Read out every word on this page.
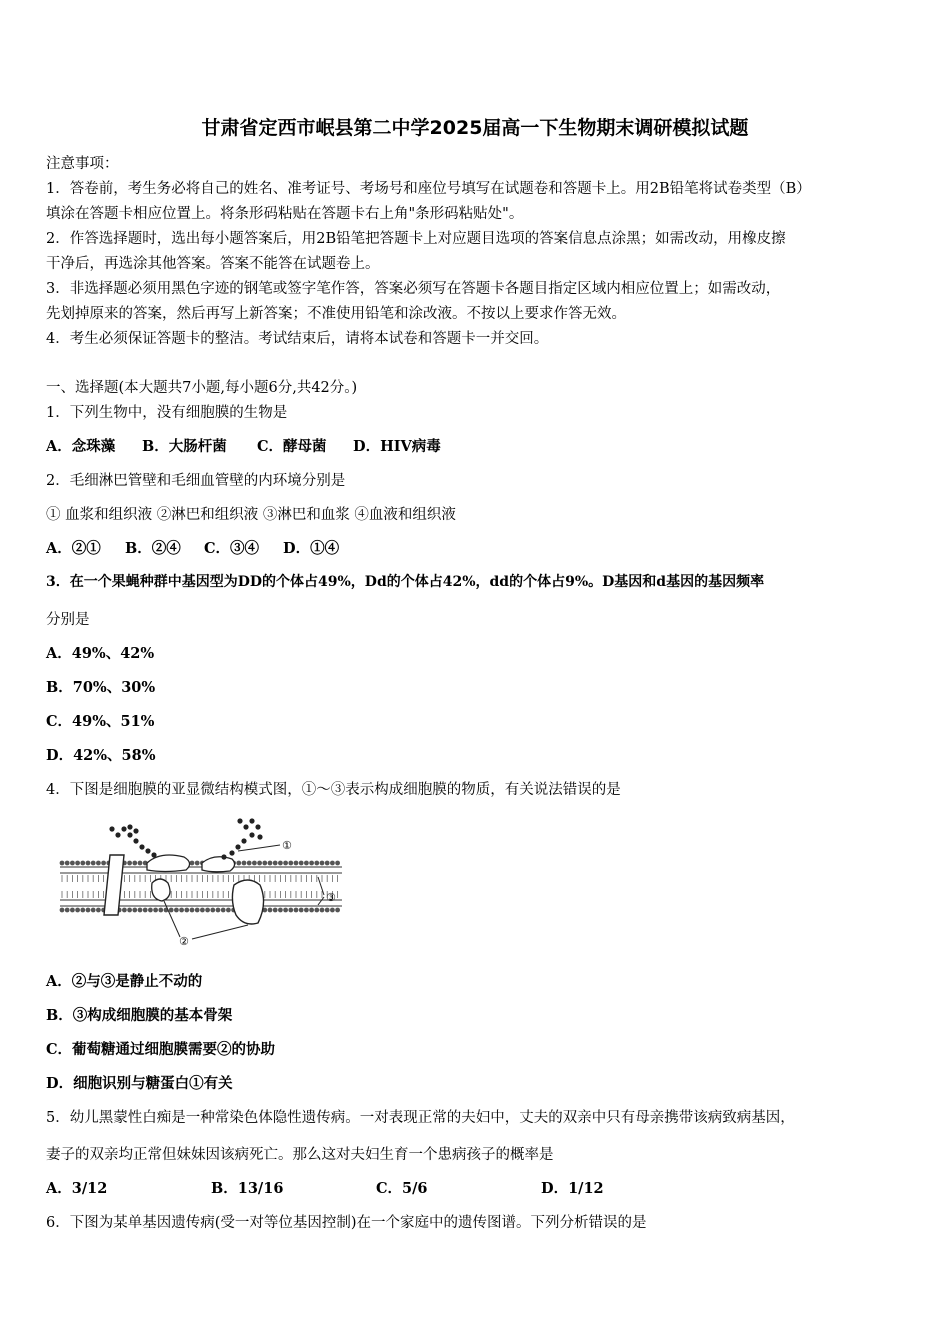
甘肃省定西市岷县第二中学2025届高一下生物期末调研模拟试题
注意事项：
1．答卷前，考生务必将自己的姓名、准考证号、考场号和座位号填写在试题卷和答题卡上。用2B铅笔将试卷类型（B）
填涂在答题卡相应位置上。将条形码粘贴在答题卡右上角"条形码粘贴处"。
2．作答选择题时，选出每小题答案后，用2B铅笔把答题卡上对应题目选项的答案信息点涂黑；如需改动，用橡皮擦
干净后，再选涂其他答案。答案不能答在试题卷上。
3．非选择题必须用黑色字迹的钢笔或签字笔作答，答案必须写在答题卡各题目指定区域内相应位置上；如需改动，
先划掉原来的答案，然后再写上新答案；不准使用铅笔和涂改液。不按以上要求作答无效。
4．考生必须保证答题卡的整洁。考试结束后，请将本试卷和答题卡一并交回。
一、选择题(本大题共7小题,每小题6分,共42分。)
1．下列生物中，没有细胞膜的生物是
A．念珠藻 B．大肠杆菌 C．酵母菌 D．HIV病毒
2．毛细淋巴管壁和毛细血管壁的内环境分别是
① 血浆和组织液 ②淋巴和组织液 ③淋巴和血浆 ④血液和组织液
A．②① B．②④ C．③④ D．①④
3．在一个果蝇种群中基因型为DD的个体占49%，Dd的个体占42%，dd的个体占9%。D基因和d基因的基因频率
分别是
A．49%、42%
B．70%、30%
C．49%、51%
D．42%、58%
4．下图是细胞膜的亚显微结构模式图，①～③表示构成细胞膜的物质，有关说法错误的是
①
②
③
A．②与③是静止不动的
B．③构成细胞膜的基本骨架
C．葡萄糖通过细胞膜需要②的协助
D．细胞识别与糖蛋白①有关
5．幼儿黑蒙性白痴是一种常染色体隐性遗传病。一对表现正常的夫妇中，丈夫的双亲中只有母亲携带该病致病基因，
妻子的双亲均正常但妹妹因该病死亡。那么这对夫妇生育一个患病孩子的概率是
A．3/12	B．13/16	C．5/6	D．1/12
6．下图为某单基因遗传病(受一对等位基因控制)在一个家庭中的遗传图谱。下列分析错误的是
